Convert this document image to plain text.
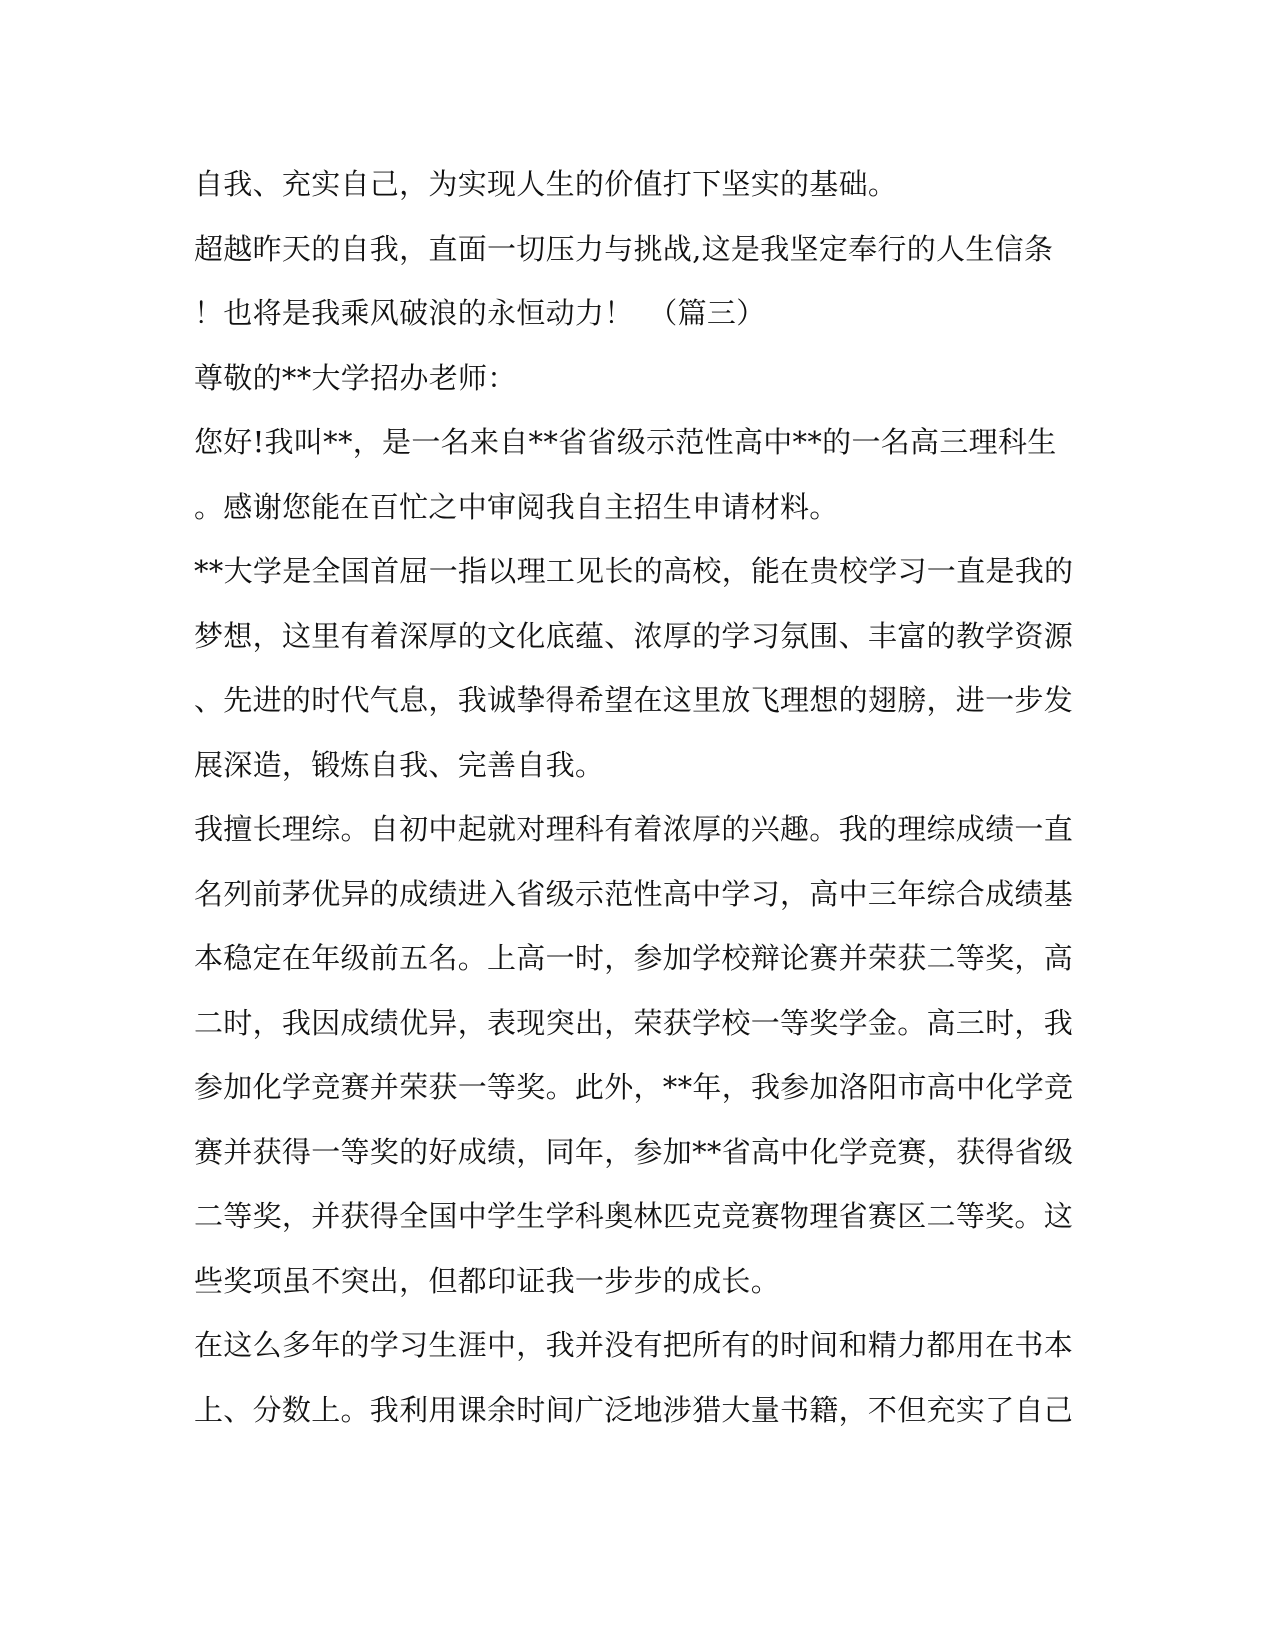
自我、充实自己，为实现人生的价值打下坚实的基础。
超越昨天的自我，直面一切压力与挑战,这是我坚定奉行的人生信条
！也将是我乘风破浪的永恒动力！　（篇三）
尊敬的**大学招办老师：
您好!我叫**，是一名来自**省省级示范性高中**的一名高三理科生
。感谢您能在百忙之中审阅我自主招生申请材料。
**大学是全国首屈一指以理工见长的高校，能在贵校学习一直是我的
梦想，这里有着深厚的文化底蕴、浓厚的学习氛围、丰富的教学资源
、先进的时代气息，我诚挚得希望在这里放飞理想的翅膀，进一步发
展深造，锻炼自我、完善自我。
我擅长理综。自初中起就对理科有着浓厚的兴趣。我的理综成绩一直
名列前茅优异的成绩进入省级示范性高中学习，高中三年综合成绩基
本稳定在年级前五名。上高一时，参加学校辩论赛并荣获二等奖，高
二时，我因成绩优异，表现突出，荣获学校一等奖学金。高三时，我
参加化学竞赛并荣获一等奖。此外，**年，我参加洛阳市高中化学竞
赛并获得一等奖的好成绩，同年，参加**省高中化学竞赛，获得省级
二等奖，并获得全国中学生学科奥林匹克竞赛物理省赛区二等奖。这
些奖项虽不突出，但都印证我一步步的成长。
在这么多年的学习生涯中，我并没有把所有的时间和精力都用在书本
上、分数上。我利用课余时间广泛地涉猎大量书籍，不但充实了自己
